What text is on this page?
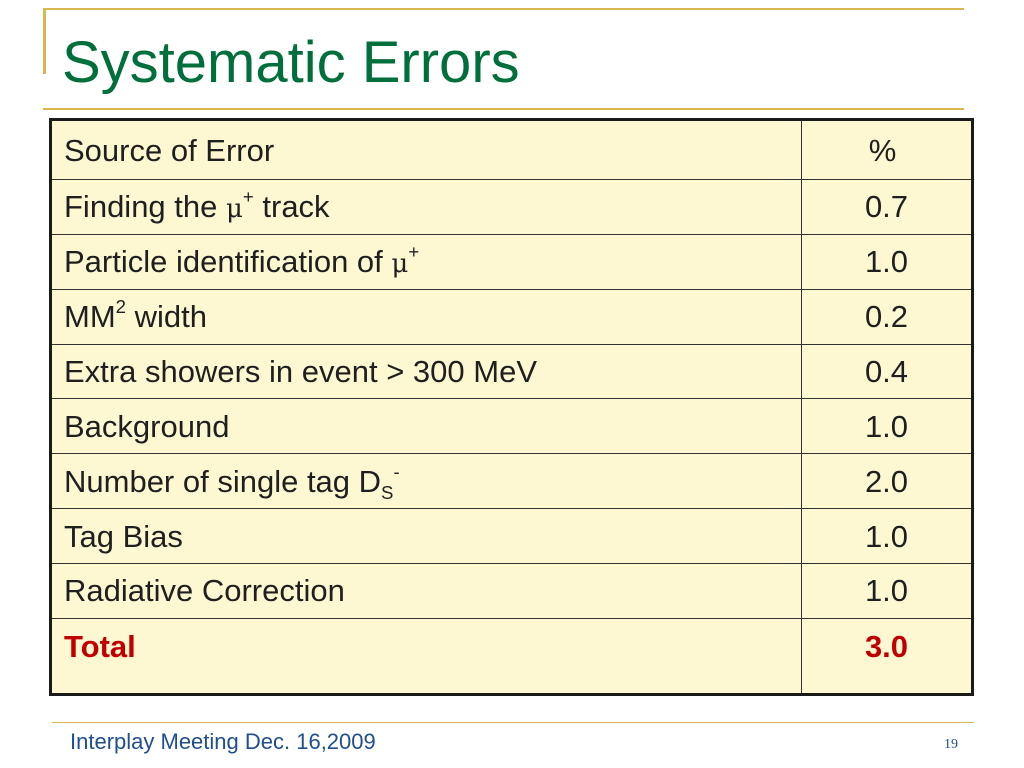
Systematic Errors
Source of Error	%
Finding the μ+ track	0.7
Particle identification of μ+	1.0
$MM^2$ width	0.2
Extra showers in event > 300 MeV	0.4
Background	1.0
Number of single tag $D_S^-$	2.0
Tag Bias	1.0
Radiative Correction	1.0
Total	3.0
Interplay Meeting Dec. 16,2009	19
